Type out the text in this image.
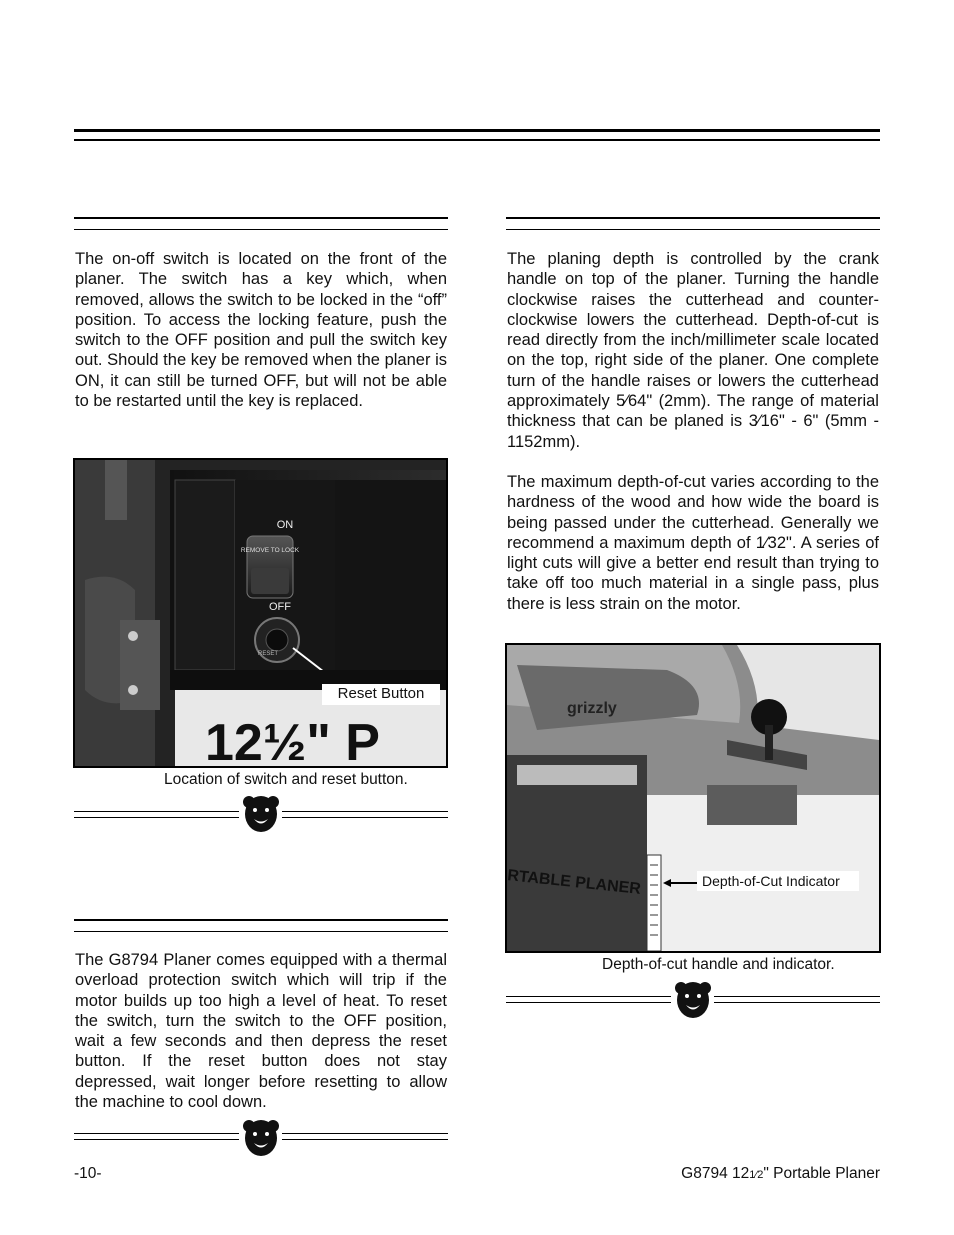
The on-off switch is located on the front of the planer. The switch has a key which, when removed, allows the switch to be locked in the “off” position. To access the locking feature, push the switch to the OFF position and pull the switch key out. Should the key be removed when the planer is ON, it can still be turned OFF, but will not be able to be restarted until the key is replaced.

ON
REMOVE TO LOCK
OFF
RESET
12½" P
Reset Button
Location of switch and reset button.

The G8794 Planer comes equipped with a thermal overload protection switch which will trip if the motor builds up too high a level of heat. To reset the switch, turn the switch to the OFF position, wait a few seconds and then depress the reset button. If the reset button does not stay depressed, wait longer before resetting to allow the machine to cool down.

The planing depth is controlled by the crank handle on top of the planer. Turning the handle clockwise raises the cutterhead and counter-clockwise lowers the cutterhead. Depth-of-cut is read directly from the inch/millimeter scale located on the top, right side of the planer. One complete turn of the handle raises or lowers the cutterhead approximately 5⁄64" (2mm). The range of material thickness that can be planed is 3⁄16" - 6" (5mm - 1152mm).

The maximum depth-of-cut varies according to the hardness of the wood and how wide the board is being passed under the cutterhead. Generally we recommend a maximum depth of 1⁄32". A series of light cuts will give a better end result than trying to take off too much material in a single pass, plus there is less strain on the motor.

grizzly
RTABLE PLANER	Depth-of-Cut Indicator
Depth-of-cut handle and indicator.
-10-	G8794 121⁄2" Portable Planer
